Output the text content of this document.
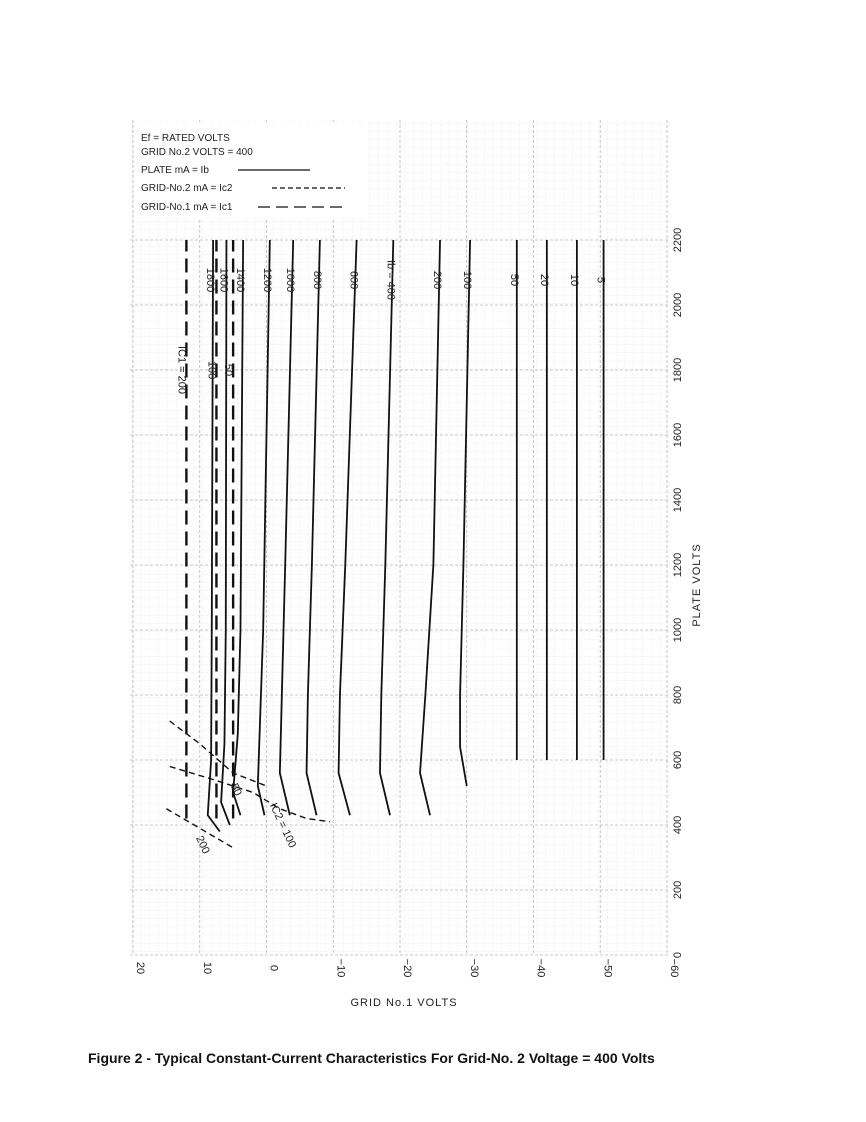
20	10	0	−10	−20	−30	−40	−50	−60
0
200
400
600
800
1000
1200
1400
1600
1800
2000
2200
1800 1600 1400 1200 1000 800 600 Ib = 400	200 100	50 20 10 5
IC1 = 200 100 50
50
IC2 = 100
200
Ef = RATED VOLTS
GRID No.2 VOLTS = 400
PLATE mA = Ib
GRID-No.2 mA = Ic2
GRID-No.1 mA = Ic1
GRID No.1 VOLTS
PLATE VOLTS
Figure 2 - Typical Constant-Current Characteristics For Grid-No. 2 Voltage = 400 Volts
